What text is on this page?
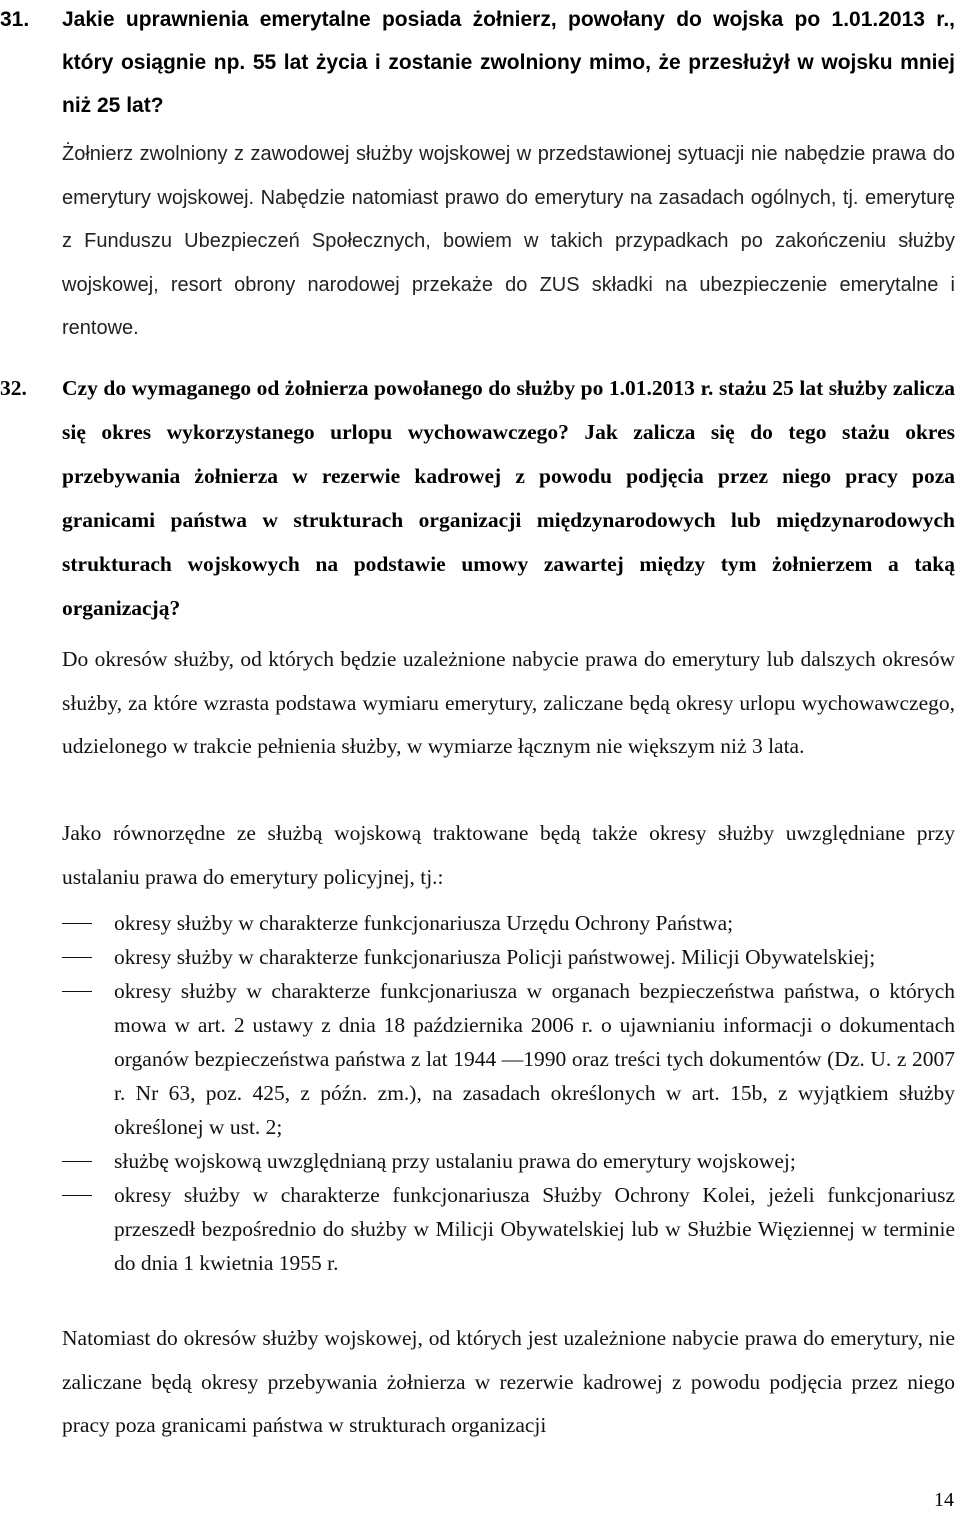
31. Jakie uprawnienia emerytalne posiada żołnierz, powołany do wojska po 1.01.2013 r., który osiągnie np. 55 lat życia i zostanie zwolniony mimo, że przesłużył w wojsku mniej niż 25 lat?

Żołnierz zwolniony z zawodowej służby wojskowej w przedstawionej sytuacji nie nabędzie prawa do emerytury wojskowej. Nabędzie natomiast prawo do emerytury na zasadach ogólnych, tj. emeryturę z Funduszu Ubezpieczeń Społecznych, bowiem w takich przypadkach po zakończeniu służby wojskowej, resort obrony narodowej przekaże do ZUS składki na ubezpieczenie emerytalne i rentowe.

32. Czy do wymaganego od żołnierza powołanego do służby po 1.01.2013 r. stażu 25 lat służby zalicza się okres wykorzystanego urlopu wychowawczego? Jak zalicza się do tego stażu okres przebywania żołnierza w rezerwie kadrowej z powodu podjęcia przez niego pracy poza granicami państwa w strukturach organizacji międzynarodowych lub międzynarodowych strukturach wojskowych na podstawie umowy zawartej między tym żołnierzem a taką organizacją?

Do okresów służby, od których będzie uzależnione nabycie prawa do emerytury lub dalszych okresów służby, za które wzrasta podstawa wymiaru emerytury, zaliczane będą okresy urlopu wychowawczego, udzielonego w trakcie pełnienia służby, w wymiarze łącznym nie większym niż 3 lata.

Jako równorzędne ze służbą wojskową traktowane będą także okresy służby uwzględniane przy ustalaniu prawa do emerytury policyjnej, tj.:

okresy służby w charakterze funkcjonariusza Urzędu Ochrony Państwa;
okresy służby w charakterze funkcjonariusza Policji państwowej. Milicji Obywatelskiej;
okresy służby w charakterze funkcjonariusza w organach bezpieczeństwa państwa, o których mowa w art. 2 ustawy z dnia 18 października 2006 r. o ujawnianiu informacji o dokumentach organów bezpieczeństwa państwa z lat 1944 —1990 oraz treści tych dokumentów (Dz. U. z 2007 r. Nr 63, poz. 425, z późn. zm.), na zasadach określonych w art. 15b, z wyjątkiem służby określonej w ust. 2;
służbę wojskową uwzględnianą przy ustalaniu prawa do emerytury wojskowej;
okresy służby w charakterze funkcjonariusza Służby Ochrony Kolei, jeżeli funkcjonariusz przeszedł bezpośrednio do służby w Milicji Obywatelskiej lub w Służbie Więziennej w terminie do dnia 1 kwietnia 1955 r.

Natomiast do okresów służby wojskowej, od których jest uzależnione nabycie prawa do emerytury, nie zaliczane będą okresy przebywania żołnierza w rezerwie kadrowej z powodu podjęcia przez niego pracy poza granicami państwa w strukturach organizacji

14
